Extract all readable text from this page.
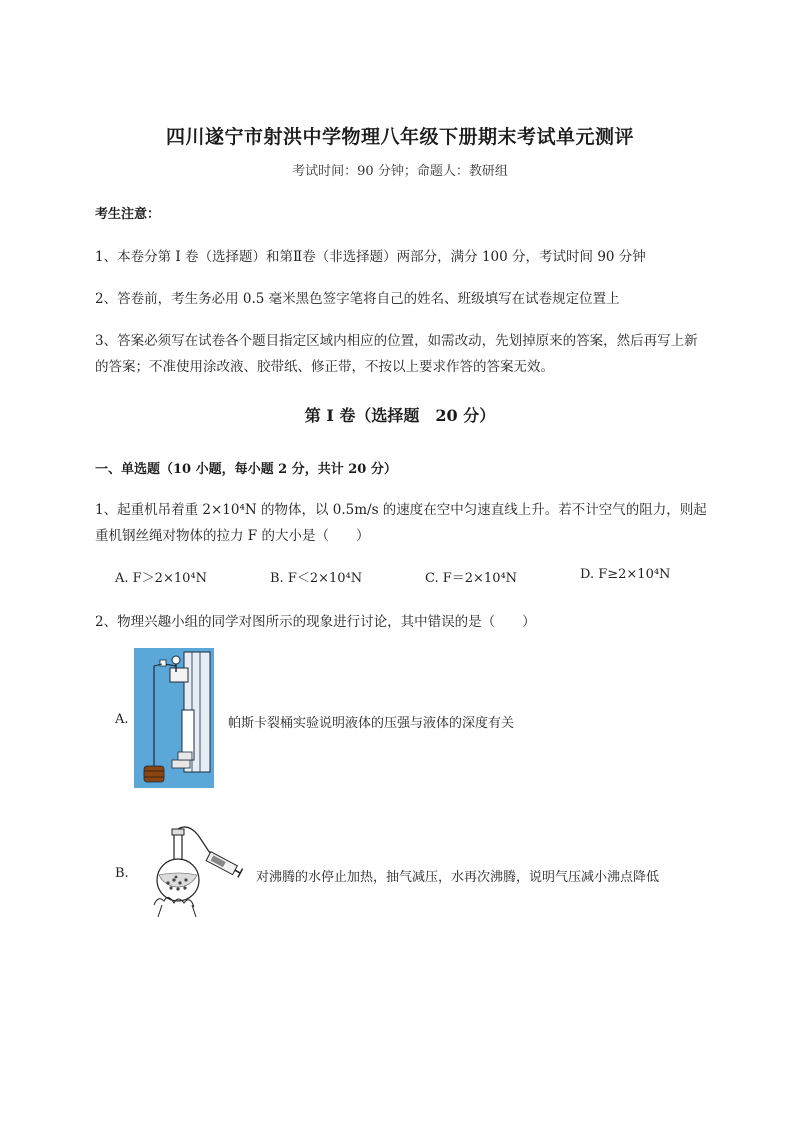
四川遂宁市射洪中学物理八年级下册期末考试单元测评
考试时间：90 分钟；命题人：教研组
考生注意：
1、本卷分第 I 卷（选择题）和第Ⅱ卷（非选择题）两部分，满分 100 分，考试时间 90 分钟
2、答卷前，考生务必用 0.5 毫米黑色签字笔将自己的姓名、班级填写在试卷规定位置上
3、答案必须写在试卷各个题目指定区域内相应的位置，如需改动，先划掉原来的答案，然后再写上新
的答案；不准使用涂改液、胶带纸、修正带，不按以上要求作答的答案无效。
第 I 卷（选择题　20 分）
一、单选题（10 小题，每小题 2 分，共计 20 分）
1、起重机吊着重 2×10⁴N 的物体，以 0.5m/s 的速度在空中匀速直线上升。若不计空气的阻力，则起
重机钢丝绳对物体的拉力 F 的大小是（　　）
A. F＞2×10⁴N	B. F＜2×10⁴N	C. F＝2×10⁴N	D. F≥2×10⁴N
2、物理兴趣小组的同学对图所示的现象进行讨论，其中错误的是（　　）
A.	帕斯卡裂桶实验说明液体的压强与液体的深度有关
B.	对沸腾的水停止加热，抽气减压，水再次沸腾，说明气压减小沸点降低
